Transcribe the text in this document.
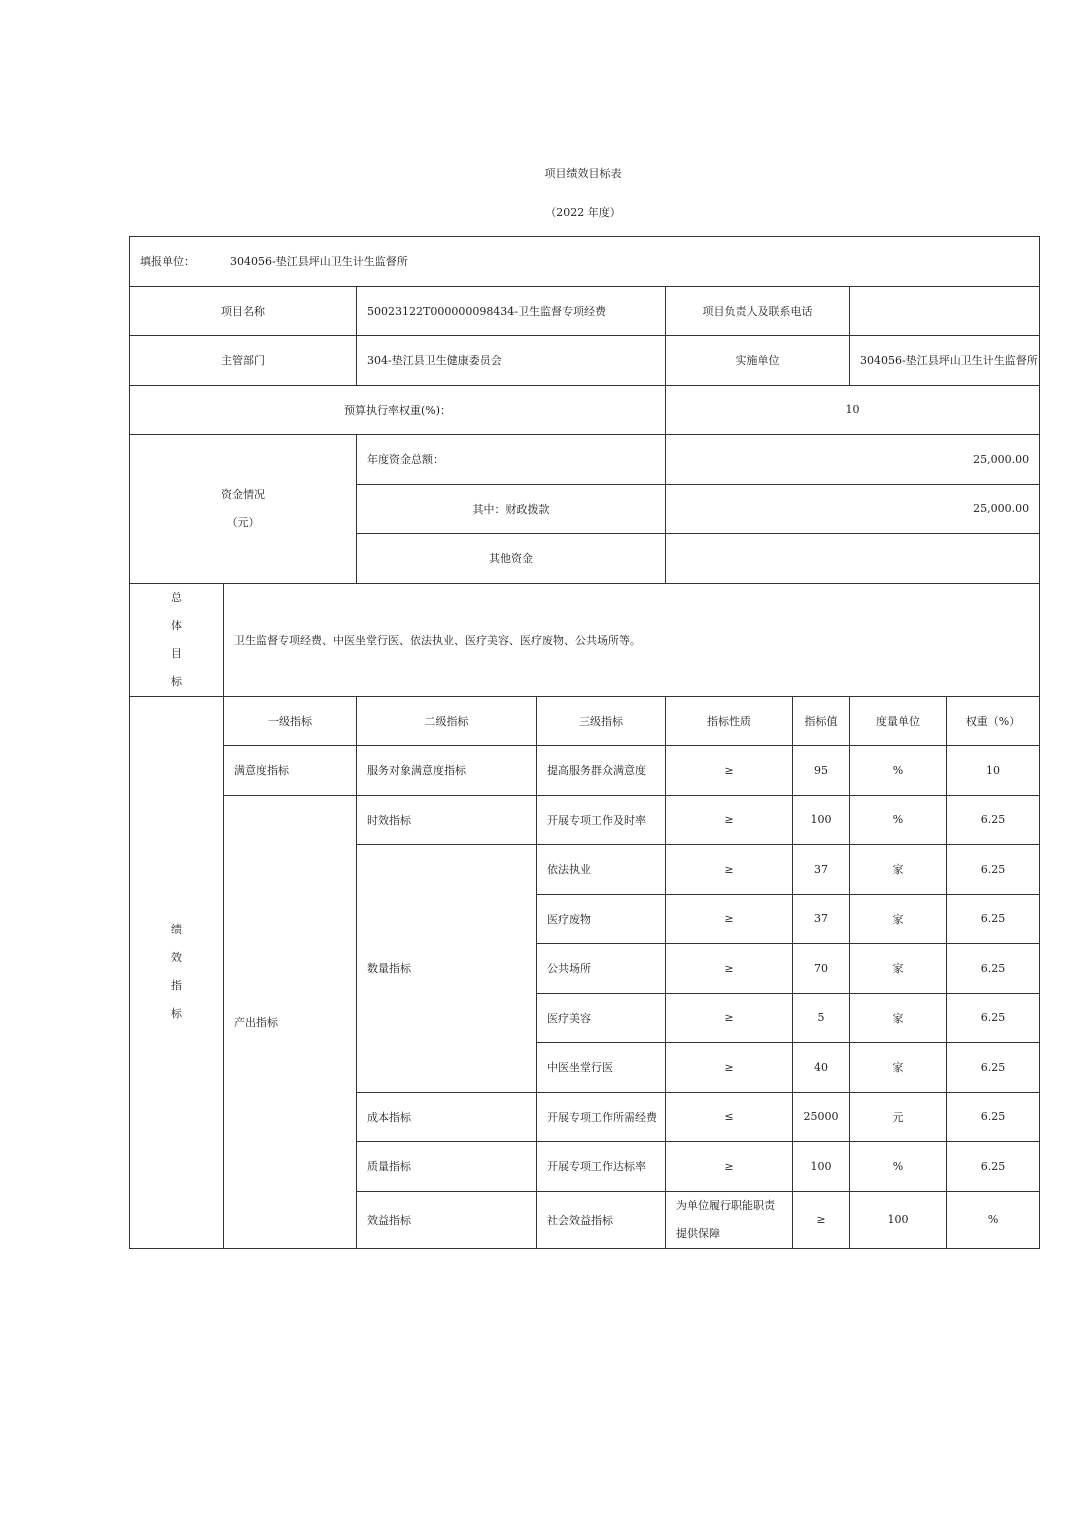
项目绩效目标表
（2022 年度）
填报单位： 304056-垫江县坪山卫生计生监督所								
项目名称		50023122T000000098434-卫生监督专项经费		项目负责人及联系电话				
主管部门		304-垫江县卫生健康委员会		实施单位		304056-垫江县坪山卫生计生监督所		
预算执行率权重(%)：				10				

资金情况
（元）		年度资金总额：		25,000.00				
		其中：财政拨款		25,000.00				
		其他资金						

总
体
目
标	卫生监督专项经费、中医坐堂行医、依法执业、医疗美容、医疗废物、公共场所等。							

绩
效
指
标	一级指标	二级指标	三级指标	指标性质	指标值	度量单位	权重（%）	
	满意度指标	服务对象满意度指标	提高服务群众满意度	≥	95	%	10	
	产出指标	时效指标	开展专项工作及时率	≥	100	%	6.25	
		数量指标	依法执业	≥	37	家	6.25	
			医疗废物	≥	37	家	6.25	
			公共场所	≥	70	家	6.25	
			医疗美容	≥	5	家	6.25	
			中医坐堂行医	≥	40	家	6.25	
		成本指标	开展专项工作所需经费	≤	25000	元	6.25	
		质量指标	开展专项工作达标率	≥	100	%	6.25	
		效益指标	社会效益指标	为单位履行职能职责提供保障	≥	100	%	
